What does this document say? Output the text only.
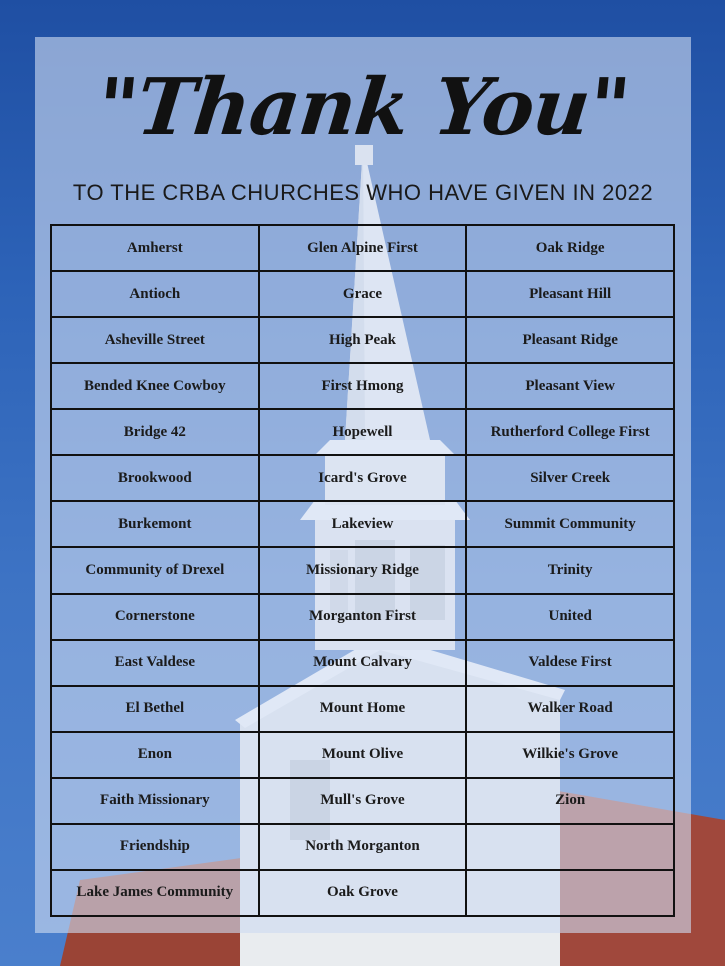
"Thank You"
TO THE CRBA CHURCHES WHO HAVE GIVEN IN 2022
Amherst	Glen Alpine First	Oak Ridge
Antioch	Grace	Pleasant Hill
Asheville Street	High Peak	Pleasant Ridge
Bended Knee Cowboy	First Hmong	Pleasant View
Bridge 42	Hopewell	Rutherford College First
Brookwood	Icard's Grove	Silver Creek
Burkemont	Lakeview	Summit Community
Community of Drexel	Missionary Ridge	Trinity
Cornerstone	Morganton First	United
East Valdese	Mount Calvary	Valdese First
El Bethel	Mount Home	Walker Road
Enon	Mount Olive	Wilkie's Grove
Faith Missionary	Mull's Grove	Zion
Friendship	North Morganton	
Lake James Community	Oak Grove	
